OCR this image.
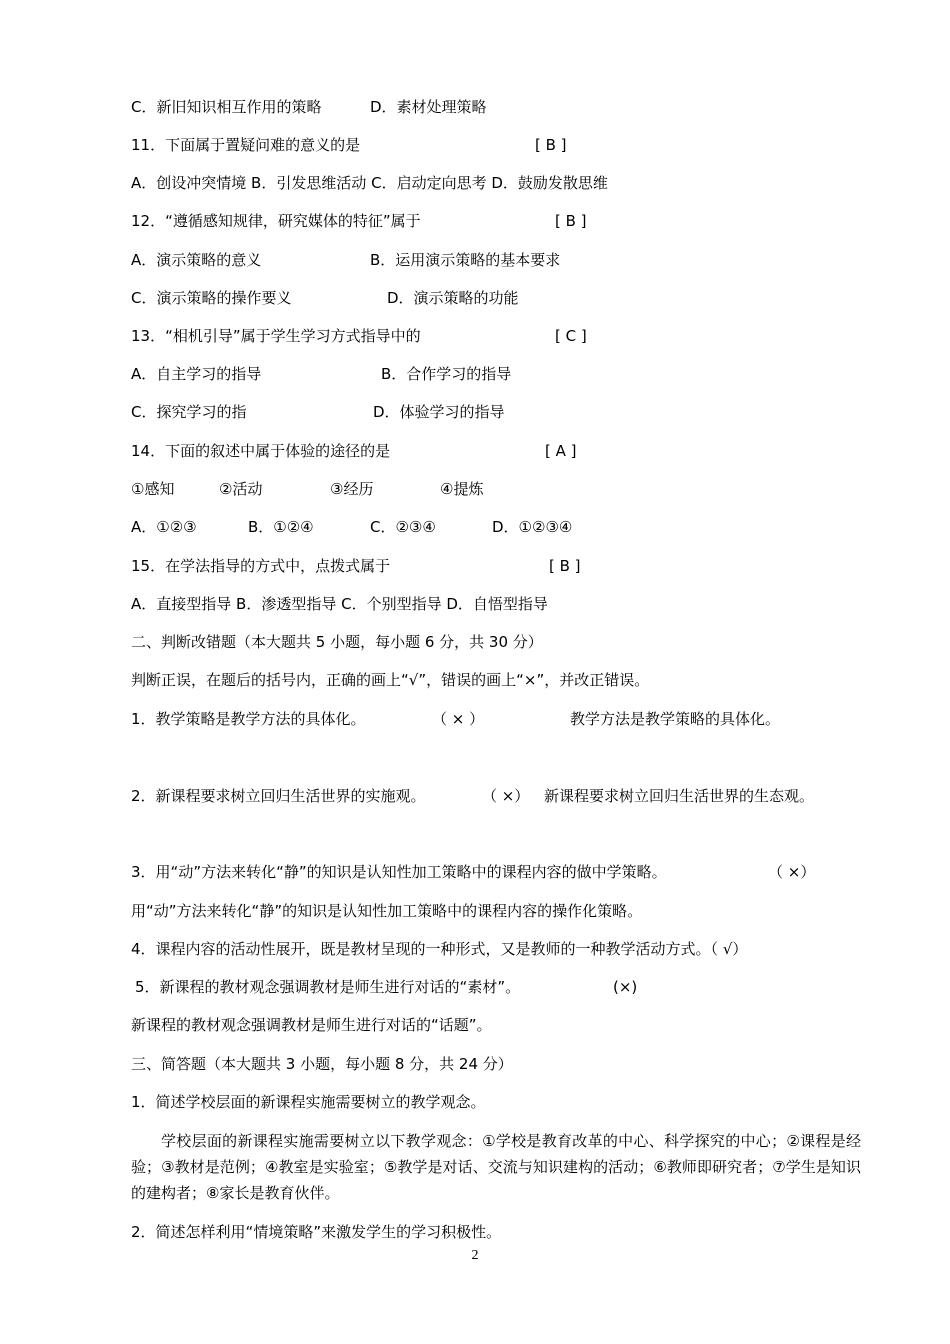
C．新旧知识相互作用的策略	D．素材处理策略
11．下面属于置疑问难的意义的是	[ B ]
A．创设冲突情境 B．引发思维活动 C．启动定向思考 D．鼓励发散思维
12．“遵循感知规律，研究媒体的特征”属于	[ B ]
A．演示策略的意义	B．运用演示策略的基本要求
C．演示策略的操作要义	D．演示策略的功能
13．“相机引导”属于学生学习方式指导中的	[ C ]
A．自主学习的指导	B．合作学习的指导
C．探究学习的指	D．体验学习的指导
14．下面的叙述中属于体验的途径的是	[ A ]
①感知	②活动	③经历	④提炼
A．①②③	B．①②④	C．②③④	D．①②③④
15．在学法指导的方式中，点拨式属于	[ B ]
A．直接型指导 B．渗透型指导 C．个别型指导 D．自悟型指导
二、判断改错题（本大题共 5 小题，每小题 6 分，共 30 分）
判断正误，在题后的括号内，正确的画上“√”，错误的画上“×”，并改正错误。
1．教学策略是教学方法的具体化。	（ × ）	教学方法是教学策略的具体化。
2．新课程要求树立回归生活世界的实施观。	（ ×） 新课程要求树立回归生活世界的生态观。
3．用“动”方法来转化“静”的知识是认知性加工策略中的课程内容的做中学策略。	（ ×）
用“动”方法来转化“静”的知识是认知性加工策略中的课程内容的操作化策略。
4．课程内容的活动性展开，既是教材呈现的一种形式，又是教师的一种教学活动方式。（ √）
5．新课程的教材观念强调教材是师生进行对话的“素材”。	(×)
新课程的教材观念强调教材是师生进行对话的“话题”。
三、简答题（本大题共 3 小题，每小题 8 分，共 24 分）
1．简述学校层面的新课程实施需要树立的教学观念。
学校层面的新课程实施需要树立以下教学观念：①学校是教育改革的中心、科学探究的中心；②课程是经验；③教材是范例；④教室是实验室；⑤教学是对话、交流与知识建构的活动；⑥教师即研究者；⑦学生是知识的建构者；⑧家长是教育伙伴。
2．简述怎样利用“情境策略”来激发学生的学习积极性。
2
